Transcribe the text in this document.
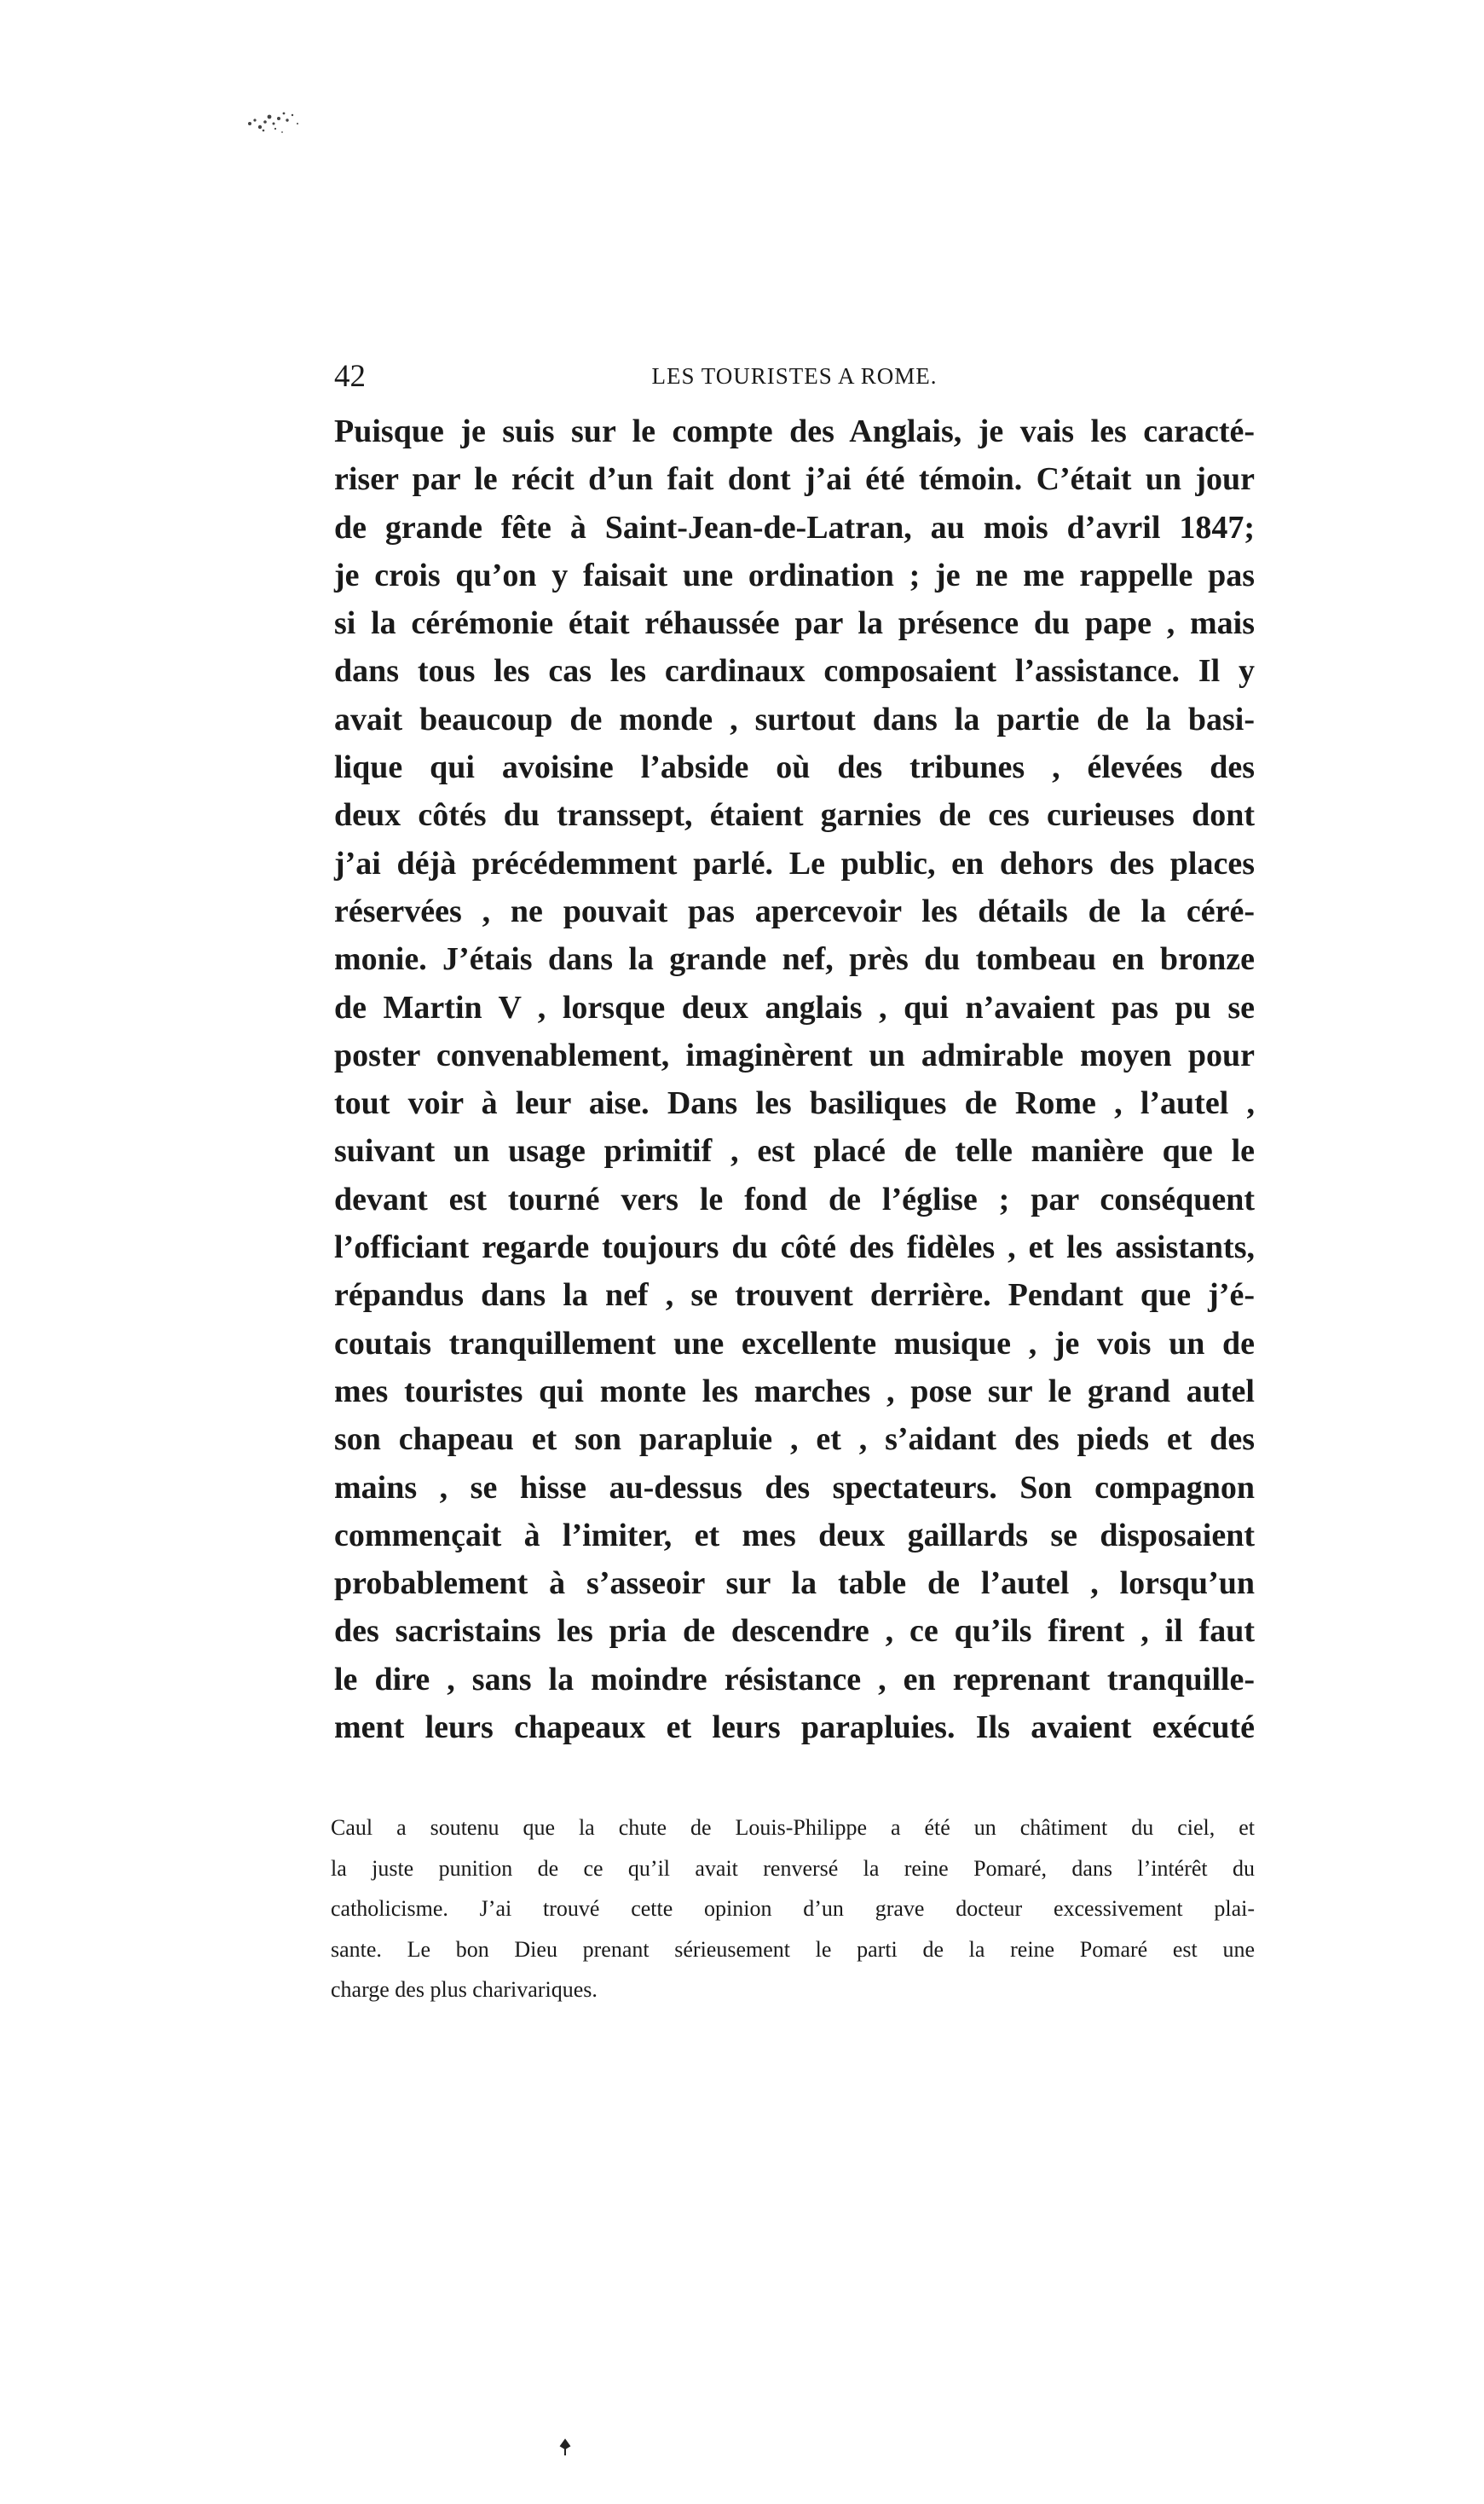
42	LES TOURISTES A ROME.
Puisque je suis sur le compte des Anglais, je vais les caracté-
riser par le récit d’un fait dont j’ai été témoin. C’était un jour
de grande fête à Saint-Jean-de-Latran, au mois d’avril 1847;
je crois qu’on y faisait une ordination ; je ne me rappelle pas
si la cérémonie était réhaussée par la présence du pape , mais
dans tous les cas les cardinaux composaient l’assistance. Il y
avait beaucoup de monde , surtout dans la partie de la basi-
lique qui avoisine l’abside où des tribunes , élevées des
deux côtés du transsept, étaient garnies de ces curieuses dont
j’ai déjà précédemment parlé. Le public, en dehors des places
réservées , ne pouvait pas apercevoir les détails de la céré-
monie. J’étais dans la grande nef, près du tombeau en bronze
de Martin V , lorsque deux anglais , qui n’avaient pas pu se
poster convenablement, imaginèrent un admirable moyen pour
tout voir à leur aise. Dans les basiliques de Rome , l’autel ,
suivant un usage primitif , est placé de telle manière que le
devant est tourné vers le fond de l’église ; par conséquent
l’officiant regarde toujours du côté des fidèles , et les assistants,
répandus dans la nef , se trouvent derrière. Pendant que j’é-
coutais tranquillement une excellente musique , je vois un de
mes touristes qui monte les marches , pose sur le grand autel
son chapeau et son parapluie , et , s’aidant des pieds et des
mains , se hisse au-dessus des spectateurs. Son compagnon
commençait à l’imiter, et mes deux gaillards se disposaient
probablement à s’asseoir sur la table de l’autel , lorsqu’un
des sacristains les pria de descendre , ce qu’ils firent , il faut
le dire , sans la moindre résistance , en reprenant tranquille-
ment leurs chapeaux et leurs parapluies. Ils avaient exécuté
Caul a soutenu que la chute de Louis-Philippe a été un châtiment du ciel, et
la juste punition de ce qu’il avait renversé la reine Pomaré, dans l’intérêt du
catholicisme. J’ai trouvé cette opinion d’un grave docteur excessivement plai-
sante. Le bon Dieu prenant sérieusement le parti de la reine Pomaré est une
charge des plus charivariques.
